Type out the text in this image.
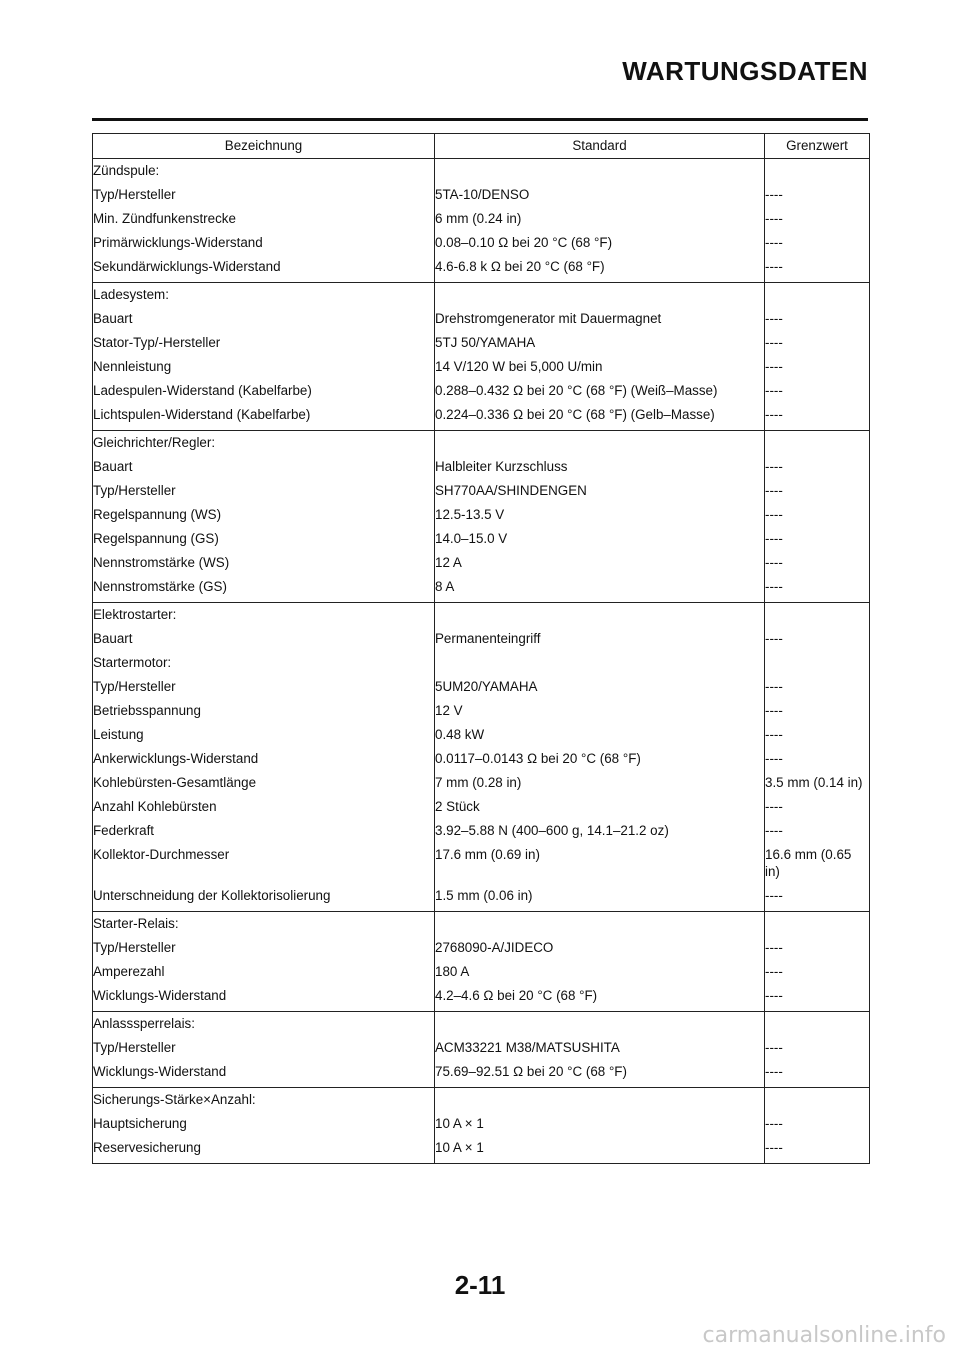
WARTUNGSDATEN
Bezeichnung	Standard	Grenzwert
Zündspule:		
Typ/Hersteller	5TA-10/DENSO	----
Min. Zündfunkenstrecke	6 mm (0.24 in)	----
Primärwicklungs-Widerstand	0.08–0.10 Ω bei 20 °C (68 °F)	----
Sekundärwicklungs-Widerstand	4.6-6.8 k Ω bei 20 °C (68 °F)	----
Ladesystem:		
Bauart	Drehstromgenerator mit Dauermagnet	----
Stator-Typ/-Hersteller	5TJ 50/YAMAHA	----
Nennleistung	14 V/120 W bei 5,000 U/min	----
Ladespulen-Widerstand (Kabelfarbe)	0.288–0.432 Ω bei 20 °C (68 °F) (Weiß–Masse)	----
Lichtspulen-Widerstand (Kabelfarbe)	0.224–0.336 Ω bei 20 °C (68 °F) (Gelb–Masse)	----
Gleichrichter/Regler:		
Bauart	Halbleiter Kurzschluss	----
Typ/Hersteller	SH770AA/SHINDENGEN	----
Regelspannung (WS)	12.5-13.5 V	----
Regelspannung (GS)	14.0–15.0 V	----
Nennstromstärke (WS)	12 A	----
Nennstromstärke (GS)	8 A	----
Elektrostarter:		
Bauart	Permanenteingriff	----
Startermotor:		
Typ/Hersteller	5UM20/YAMAHA	----
Betriebsspannung	12 V	----
Leistung	0.48 kW	----
Ankerwicklungs-Widerstand	0.0117–0.0143 Ω bei 20 °C (68 °F)	----
Kohlebürsten-Gesamtlänge	7 mm (0.28 in)	3.5 mm (0.14 in)
Anzahl Kohlebürsten	2 Stück	----
Federkraft	3.92–5.88 N (400–600 g, 14.1–21.2 oz)	----
Kollektor-Durchmesser	17.6 mm (0.69 in)	16.6 mm (0.65 in)
Unterschneidung der Kollektorisolierung	1.5 mm (0.06 in)	----
Starter-Relais:		
Typ/Hersteller	2768090-A/JIDECO	----
Amperezahl	180 A	----
Wicklungs-Widerstand	4.2–4.6 Ω bei 20 °C (68 °F)	----
Anlasssperrelais:		
Typ/Hersteller	ACM33221 M38/MATSUSHITA	----
Wicklungs-Widerstand	75.69–92.51 Ω bei 20 °C (68 °F)	----
Sicherungs-Stärke×Anzahl:		
Hauptsicherung	10 A × 1	----
Reservesicherung	10 A × 1	----
2-11
carmanualsonline.info
